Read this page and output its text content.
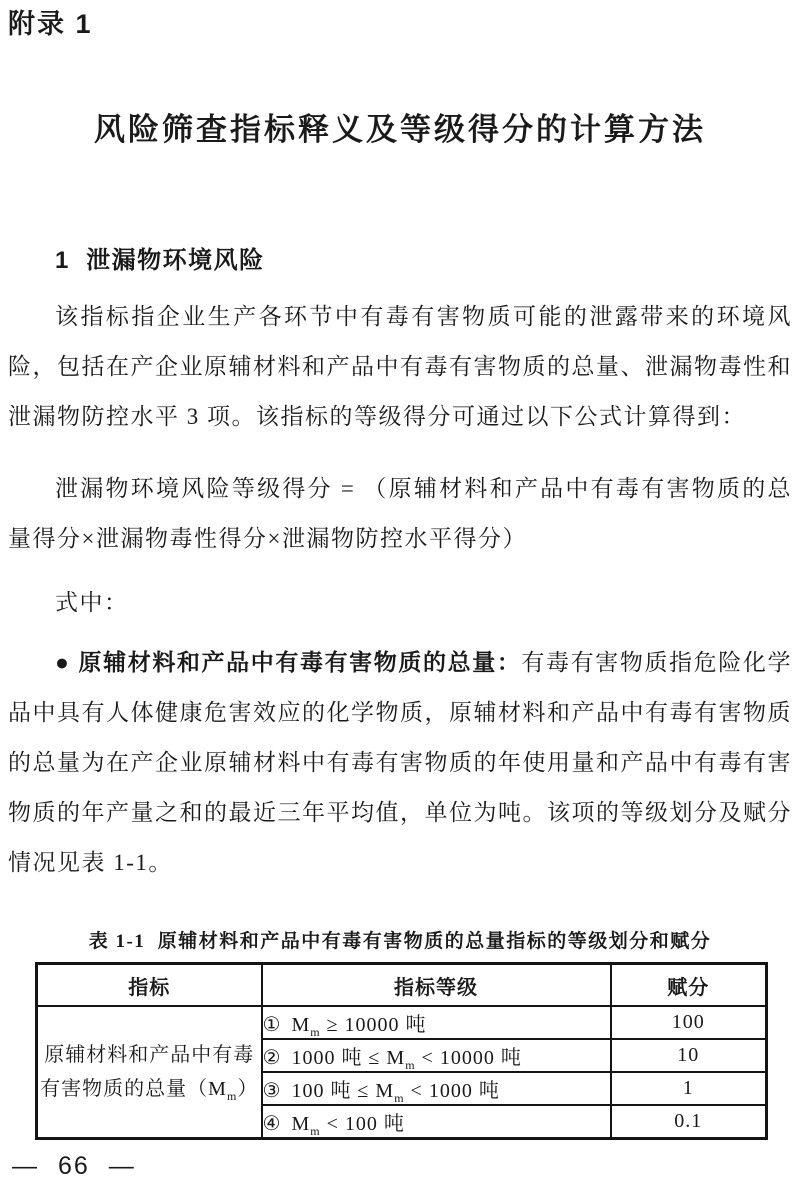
附录 1
风险筛查指标释义及等级得分的计算方法
1  泄漏物环境风险

该指标指企业生产各环节中有毒有害物质可能的泄露带来的环境风险，包括在产企业原辅材料和产品中有毒有害物质的总量、泄漏物毒性和泄漏物防控水平 3 项。该指标的等级得分可通过以下公式计算得到：

泄漏物环境风险等级得分 = （原辅材料和产品中有毒有害物质的总量得分×泄漏物毒性得分×泄漏物防控水平得分）

式中：

● 原辅材料和产品中有毒有害物质的总量：有毒有害物质指危险化学品中具有人体健康危害效应的化学物质，原辅材料和产品中有毒有害物质的总量为在产企业原辅材料中有毒有害物质的年使用量和产品中有毒有害物质的年产量之和的最近三年平均值，单位为吨。该项的等级划分及赋分情况见表 1-1。

表 1-1  原辅材料和产品中有毒有害物质的总量指标的等级划分和赋分
指标	指标等级	赋分
原辅材料和产品中有毒有害物质的总量$(M_m)$	① $M_m \ge 10000$ 吨	100
	② 1000 吨 ≤ $M_m < 10000$ 吨	10
	③ 100 吨 ≤ $M_m < 1000$ 吨	1
	④ $M_m < 100$ 吨	0.1
— 66 —
